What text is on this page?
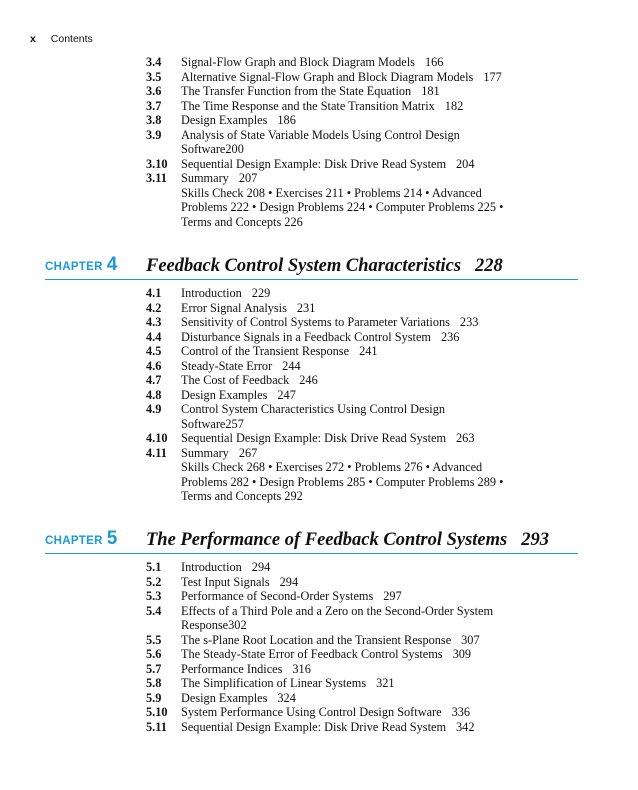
x Contents
3.4 Signal-Flow Graph and Block Diagram Models 166
3.5 Alternative Signal-Flow Graph and Block Diagram Models 177
3.6 The Transfer Function from the State Equation 181
3.7 The Time Response and the State Transition Matrix 182
3.8 Design Examples 186
3.9 Analysis of State Variable Models Using Control Design
Software200
3.10 Sequential Design Example: Disk Drive Read System 204
3.11 Summary 207
Skills Check 208 • Exercises 211 • Problems 214 • Advanced
Problems 222 • Design Problems 224 • Computer Problems 225 •
Terms and Concepts 226
CHAPTER 4 Feedback Control System Characteristics 228
4.1 Introduction 229
4.2 Error Signal Analysis 231
4.3 Sensitivity of Control Systems to Parameter Variations 233
4.4 Disturbance Signals in a Feedback Control System 236
4.5 Control of the Transient Response 241
4.6 Steady-State Error 244
4.7 The Cost of Feedback 246
4.8 Design Examples 247
4.9 Control System Characteristics Using Control Design
Software257
4.10 Sequential Design Example: Disk Drive Read System 263
4.11 Summary 267
Skills Check 268 • Exercises 272 • Problems 276 • Advanced
Problems 282 • Design Problems 285 • Computer Problems 289 •
Terms and Concepts 292
CHAPTER 5 The Performance of Feedback Control Systems 293
5.1 Introduction 294
5.2 Test Input Signals 294
5.3 Performance of Second-Order Systems 297
5.4 Effects of a Third Pole and a Zero on the Second-Order System
Response302
5.5 The s-Plane Root Location and the Transient Response 307
5.6 The Steady-State Error of Feedback Control Systems 309
5.7 Performance Indices 316
5.8 The Simplification of Linear Systems 321
5.9 Design Examples 324
5.10 System Performance Using Control Design Software 336
5.11 Sequential Design Example: Disk Drive Read System 342
